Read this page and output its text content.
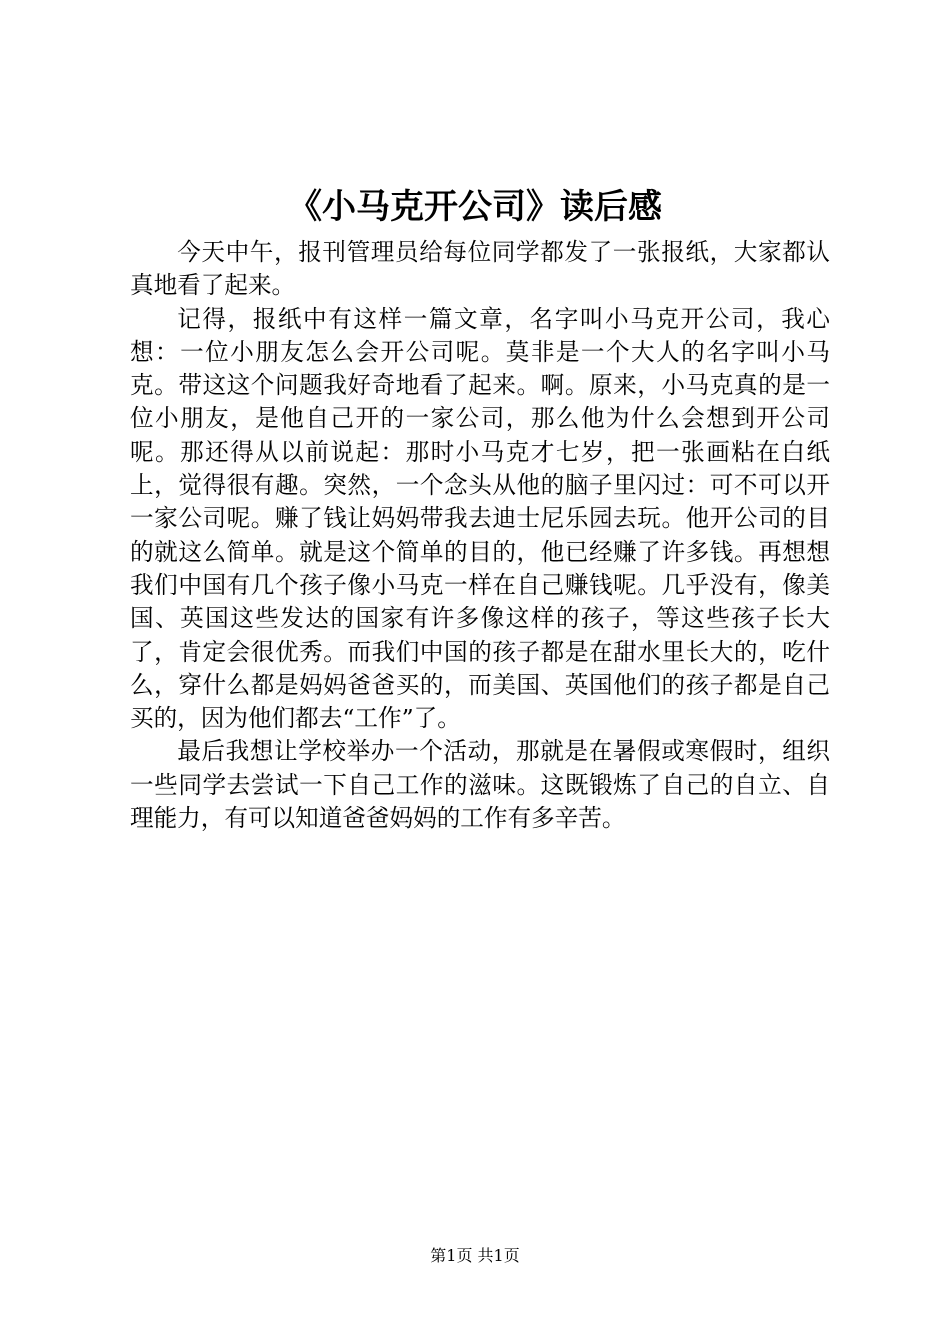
《小马克开公司》读后感

今天中午，报刊管理员给每位同学都发了一张报纸，大家都认真地看了起来。

记得，报纸中有这样一篇文章，名字叫小马克开公司，我心想：一位小朋友怎么会开公司呢。莫非是一个大人的名字叫小马克。带这这个问题我好奇地看了起来。啊。原来，小马克真的是一位小朋友，是他自己开的一家公司，那么他为什么会想到开公司呢。那还得从以前说起：那时小马克才七岁，把一张画粘在白纸上，觉得很有趣。突然，一个念头从他的脑子里闪过：可不可以开一家公司呢。赚了钱让妈妈带我去迪士尼乐园去玩。他开公司的目的就这么简单。就是这个简单的目的，他已经赚了许多钱。再想想我们中国有几个孩子像小马克一样在自己赚钱呢。几乎没有，像美国、英国这些发达的国家有许多像这样的孩子，等这些孩子长大了，肯定会很优秀。而我们中国的孩子都是在甜水里长大的，吃什么，穿什么都是妈妈爸爸买的，而美国、英国他们的孩子都是自己买的，因为他们都去“工作”了。

最后我想让学校举办一个活动，那就是在暑假或寒假时，组织一些同学去尝试一下自己工作的滋味。这既锻炼了自己的自立、自理能力，有可以知道爸爸妈妈的工作有多辛苦。

第1页 共1页
